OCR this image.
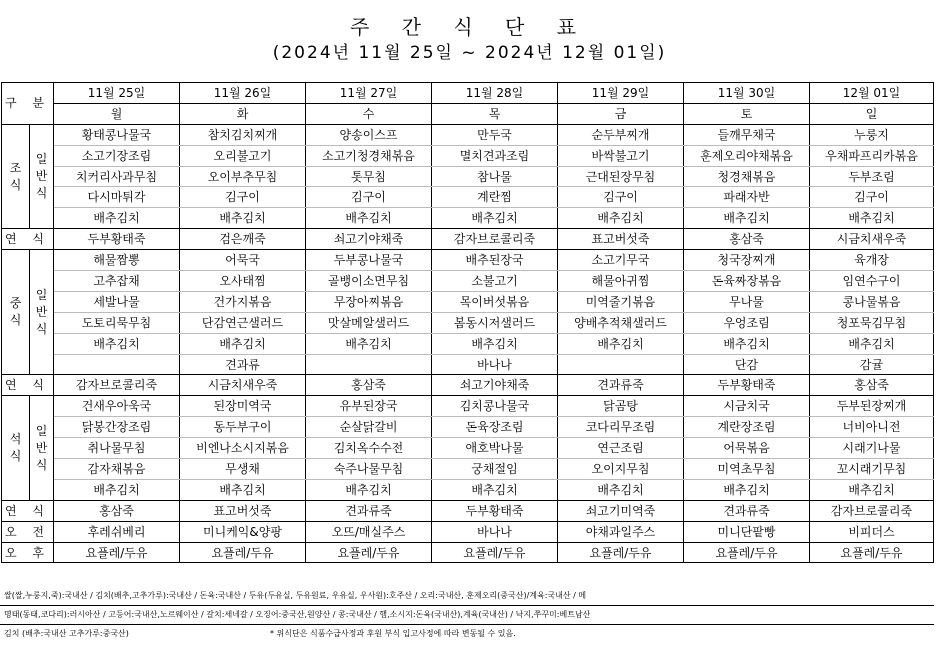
주 간 식 단 표
(2024년 11월 25일 ~ 2024년 12월 01일)
구 분		11월 25일	11월 26일	11월 27일	11월 28일	11월 29일	11월 30일	12월 01일
		월	화	수	목	금	토	일
조식	일반식	황태콩나물국	참치김치찌개	양송이스프	만두국	순두부찌개	들깨무채국	누룽지
		소고기장조림	오리불고기	소고기청경채볶음	멸치견과조림	바싹불고기	훈제오리야채볶음	우채파프리카볶음
		치커리사과무침	오이부추무침	톳무침	참나물	근대된장무침	청경채볶음	두부조림
		다시마튀각	김구이	김구이	계란찜	김구이	파래자반	김구이
		배추김치	배추김치	배추김치	배추김치	배추김치	배추김치	배추김치
연 식		두부황태죽	검은깨죽	쇠고기야채죽	감자브로콜리죽	표고버섯죽	홍삼죽	시금치새우죽
중식	일반식	해물짬뽕	어묵국	두부콩나물국	배추된장국	소고기무국	청국장찌개	육개장
		고추잡채	오사태찜	골뱅이소면무침	소불고기	해물아귀찜	돈육짜장볶음	임연수구이
		세발나물	건가지볶음	무장아찌볶음	목이버섯볶음	미역줄기볶음	무나물	콩나물볶음
		도토리묵무침	단감연근샐러드	맛살메알샐러드	봄동시저샐러드	양배추적채샐러드	우엉조림	청포묵김무침
		배추김치	배추김치	배추김치	배추김치	배추김치	배추김치	배추김치
			견과류		바나나		단감	감귤
연 식		감자브로콜리죽	시금치새우죽	홍삼죽	쇠고기야채죽	견과류죽	두부황태죽	홍삼죽
석식	일반식	건새우아욱국	된장미역국	유부된장국	김치콩나물국	닭곰탕	시금치국	두부된장찌개
		닭봉간장조림	동두부구이	순살닭갈비	돈육장조림	코다리무조림	계란장조림	너비아니전
		취나물무침	비엔나소시지볶음	김치옥수수전	애호박나물	연근조림	어묵볶음	시래기나물
		감자채볶음	무생채	숙주나물무침	궁채절임	오이지무침	미역초무침	꼬시래기무침
		배추김치	배추김치	배추김치	배추김치	배추김치	배추김치	배추김치
연 식		홍삼죽	표고버섯죽	견과류죽	두부황태죽	쇠고기미역죽	견과류죽	감자브로콜리죽
오 전		후레쉬베리	미니케익&양팡	오뜨/매실주스	바나나	야채과일주스	미니단팥빵	비피더스
오 후		요플레/두유	요플레/두유	요플레/두유	요플레/두유	요플레/두유	요플레/두유	요플레/두유
쌀(쌀,누룽지,죽):국내산 / 김치(배추,고추가루):국내산 / 돈육:국내산 / 두유(두유실, 두유원료, 우유실, 우사원):호주산 / 오리:국내산, 훈제오리(중국산)/계육:국내산 / 메
명태(동태,코다리):러시아산 / 고등어:국내산,노르웨이산 / 갈치:세네갈 / 오징어:중국산,원양산 / 콩:국내산 / 햄,소시지:돈육(국내산),계육(국내산) / 낙지,쭈꾸미:베트남산
김치 (배추:국내산 고추가루:중국산)	* 위식단은 식품수급사정과 후원 부식 입고사정에 따라 변동될 수 있음.
